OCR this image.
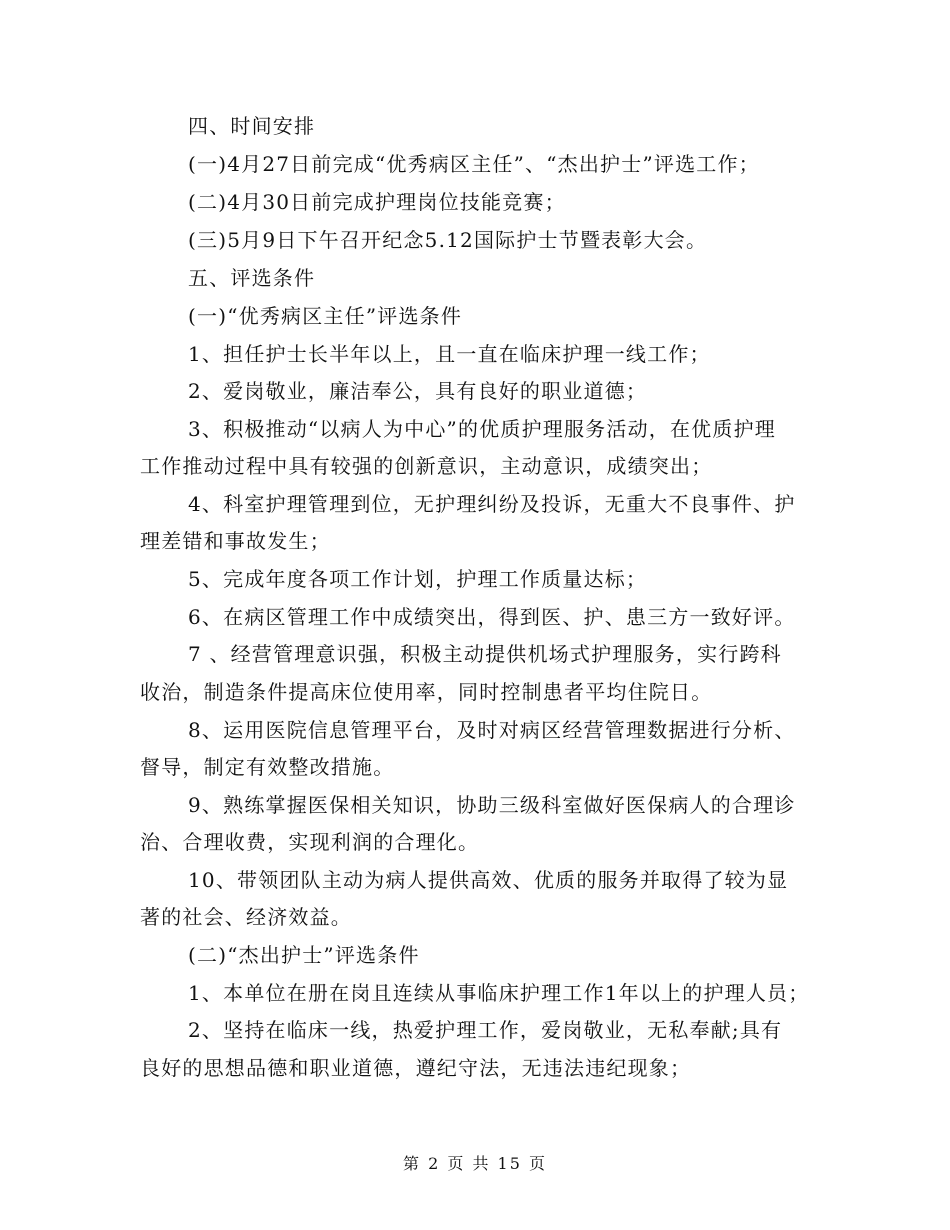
四、时间安排
(一)4月27日前完成“优秀病区主任”、“杰出护士”评选工作；
(二)4月30日前完成护理岗位技能竞赛；
(三)5月9日下午召开纪念5.12国际护士节暨表彰大会。
五、评选条件
(一)“优秀病区主任”评选条件
1、担任护士长半年以上，且一直在临床护理一线工作；
2、爱岗敬业，廉洁奉公，具有良好的职业道德；
3、积极推动“以病人为中心”的优质护理服务活动，在优质护理
工作推动过程中具有较强的创新意识，主动意识，成绩突出；
4、科室护理管理到位，无护理纠纷及投诉，无重大不良事件、护
理差错和事故发生；
5、完成年度各项工作计划，护理工作质量达标；
6、在病区管理工作中成绩突出，得到医、护、患三方一致好评。
7 、经营管理意识强，积极主动提供机场式护理服务，实行跨科
收治，制造条件提高床位使用率，同时控制患者平均住院日。
8、运用医院信息管理平台，及时对病区经营管理数据进行分析、
督导，制定有效整改措施。
9、熟练掌握医保相关知识，协助三级科室做好医保病人的合理诊
治、合理收费，实现利润的合理化。
10、带领团队主动为病人提供高效、优质的服务并取得了较为显
著的社会、经济效益。
(二)“杰出护士”评选条件
1、本单位在册在岗且连续从事临床护理工作1年以上的护理人员；
2、坚持在临床一线，热爱护理工作，爱岗敬业，无私奉献;具有
良好的思想品德和职业道德，遵纪守法，无违法违纪现象；
第 2 页 共 15 页
